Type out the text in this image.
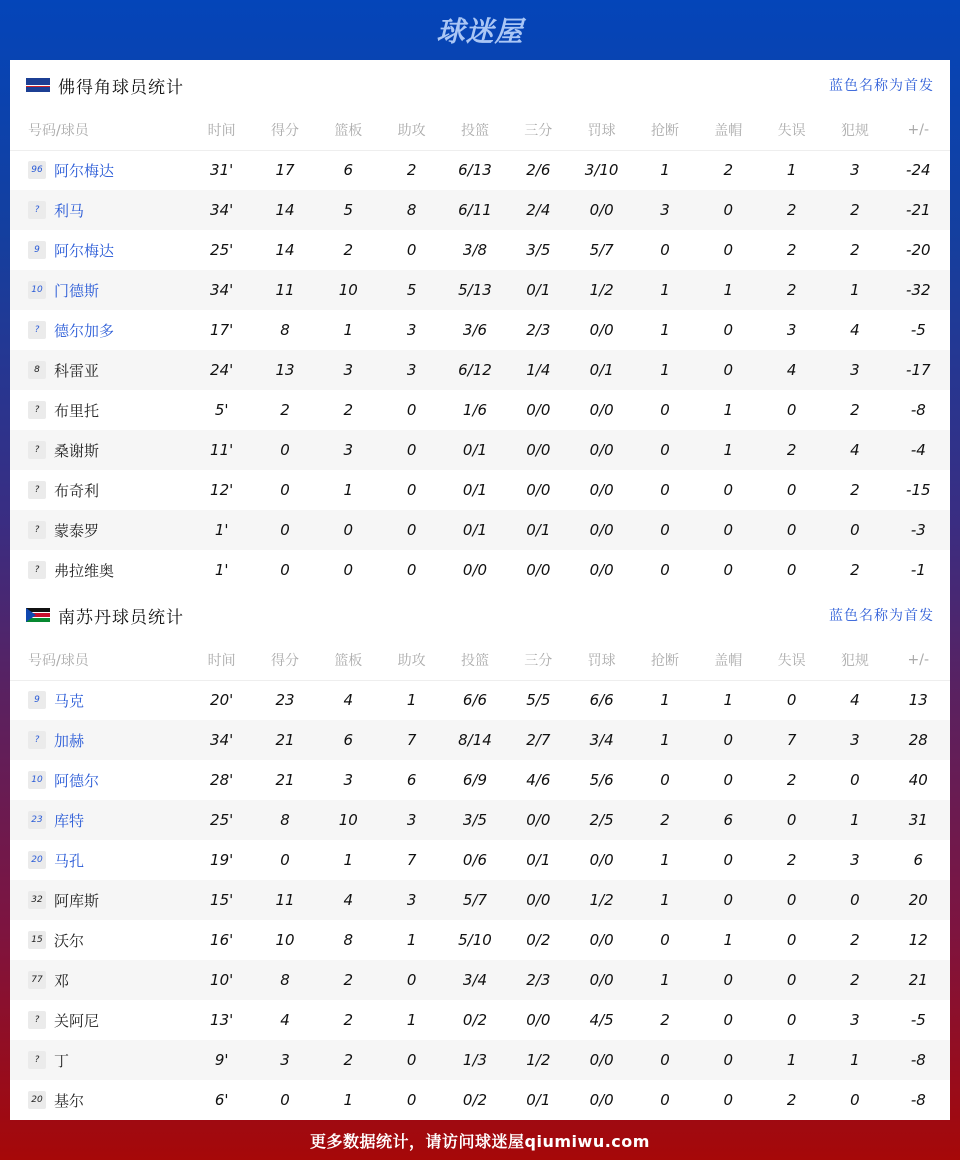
球迷屋
佛得角球员统计	蓝色名称为首发
号码/球员	时间	得分	篮板	助攻	投篮	三分	罚球	抢断	盖帽	失误	犯规	+/-
96 阿尔梅达	31'	17	6	2	6/13	2/6	3/10	1	2	1	3	-24
? 利马	34'	14	5	8	6/11	2/4	0/0	3	0	2	2	-21
9 阿尔梅达	25'	14	2	0	3/8	3/5	5/7	0	0	2	2	-20
10 门德斯	34'	11	10	5	5/13	0/1	1/2	1	1	2	1	-32
? 德尔加多	17'	8	1	3	3/6	2/3	0/0	1	0	3	4	-5
8 科雷亚	24'	13	3	3	6/12	1/4	0/1	1	0	4	3	-17
? 布里托	5'	2	2	0	1/6	0/0	0/0	0	1	0	2	-8
? 桑谢斯	11'	0	3	0	0/1	0/0	0/0	0	1	2	4	-4
? 布奇利	12'	0	1	0	0/1	0/0	0/0	0	0	0	2	-15
? 蒙泰罗	1'	0	0	0	0/1	0/1	0/0	0	0	0	0	-3
? 弗拉维奥	1'	0	0	0	0/0	0/0	0/0	0	0	0	2	-1
南苏丹球员统计	蓝色名称为首发
号码/球员	时间	得分	篮板	助攻	投篮	三分	罚球	抢断	盖帽	失误	犯规	+/-
9 马克	20'	23	4	1	6/6	5/5	6/6	1	1	0	4	13
? 加赫	34'	21	6	7	8/14	2/7	3/4	1	0	7	3	28
10 阿德尔	28'	21	3	6	6/9	4/6	5/6	0	0	2	0	40
23 库特	25'	8	10	3	3/5	0/0	2/5	2	6	0	1	31
20 马孔	19'	0	1	7	0/6	0/1	0/0	1	0	2	3	6
32 阿库斯	15'	11	4	3	5/7	0/0	1/2	1	0	0	0	20
15 沃尔	16'	10	8	1	5/10	0/2	0/0	0	1	0	2	12
77 邓	10'	8	2	0	3/4	2/3	0/0	1	0	0	2	21
? 关阿尼	13'	4	2	1	0/2	0/0	4/5	2	0	0	3	-5
? 丁	9'	3	2	0	1/3	1/2	0/0	0	0	1	1	-8
20 基尔	6'	0	1	0	0/2	0/1	0/0	0	0	2	0	-8
更多数据统计，请访问球迷屋qiumiwu.com
